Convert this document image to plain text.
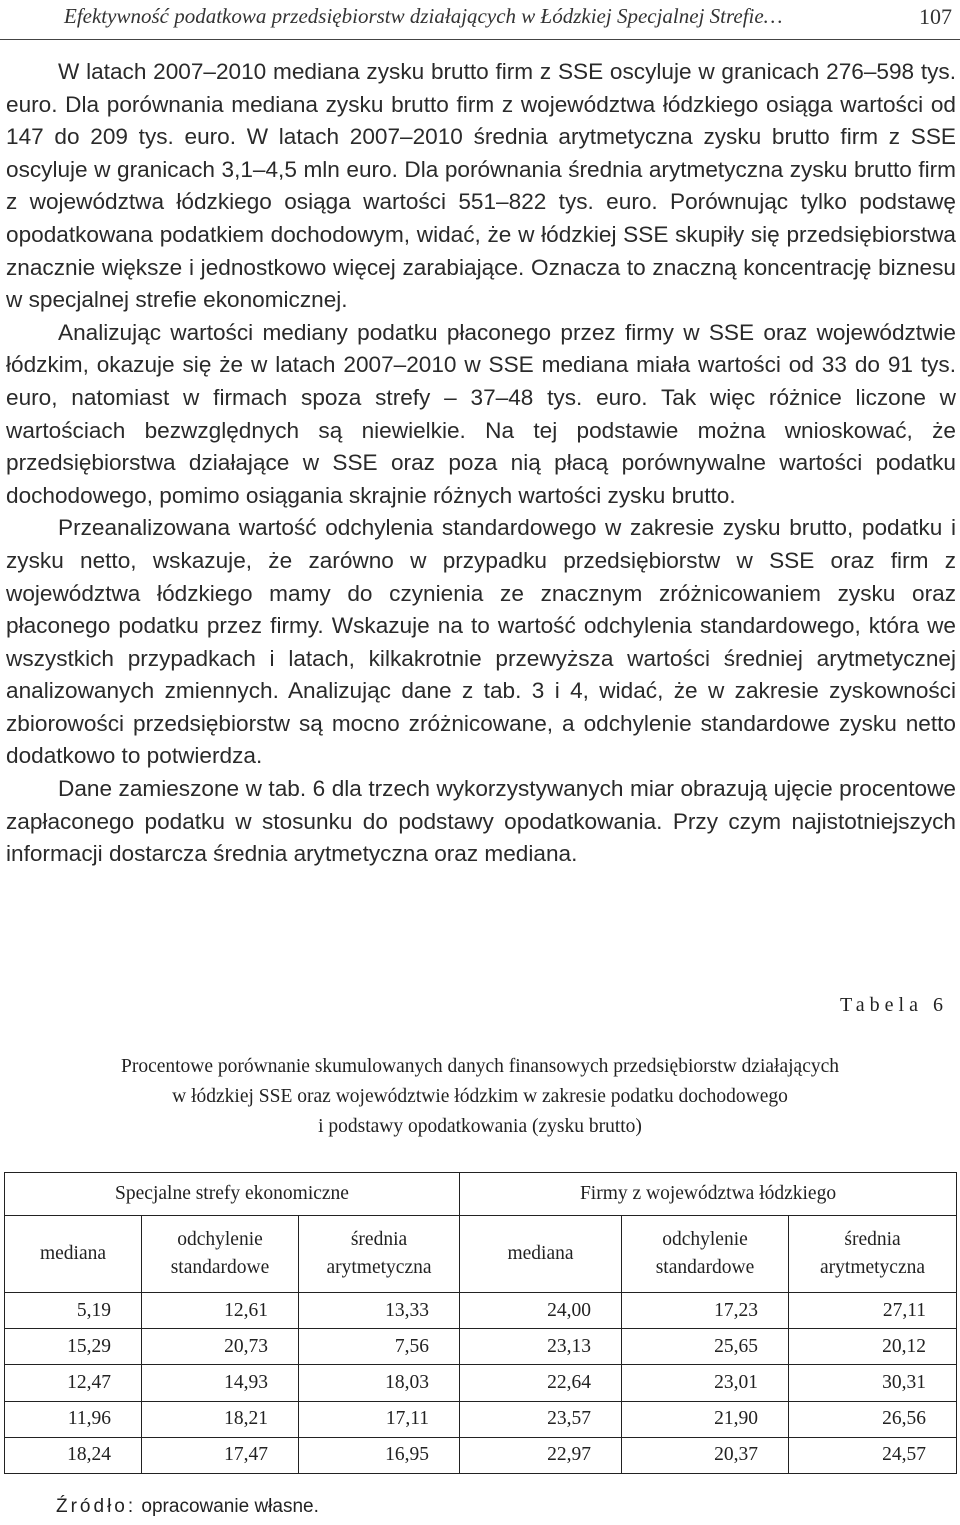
Efektywność podatkowa przedsiębiorstw działających w Łódzkiej Specjalnej Strefie…	107

W latach 2007–2010 mediana zysku brutto firm z SSE oscyluje w granicach 276–598 tys. euro. Dla porównania mediana zysku brutto firm z województwa łódzkiego osiąga wartości od 147 do 209 tys. euro. W latach 2007–2010 średnia arytmetyczna zysku brutto firm z SSE oscyluje w granicach 3,1–4,5 mln euro. Dla porównania średnia arytmetyczna zysku brutto firm z województwa łódzkiego osiąga wartości 551–822 tys. euro. Porównując tylko podstawę opodatkowana podatkiem dochodowym, widać, że w łódzkiej SSE skupiły się przedsiębiorstwa znacznie większe i jednostkowo więcej zarabiające. Oznacza to znaczną koncentrację biznesu w specjalnej strefie ekonomicznej.

Analizując wartości mediany podatku płaconego przez firmy w SSE oraz województwie łódzkim, okazuje się że w latach 2007–2010 w SSE mediana miała wartości od 33 do 91 tys. euro, natomiast w firmach spoza strefy – 37–48 tys. euro. Tak więc różnice liczone w wartościach bezwzględnych są niewielkie. Na tej podstawie można wnioskować, że przedsiębiorstwa działające w SSE oraz poza nią płacą porównywalne wartości podatku dochodowego, pomimo osiągania skrajnie różnych wartości zysku brutto.

Przeanalizowana wartość odchylenia standardowego w zakresie zysku brutto, podatku i zysku netto, wskazuje, że zarówno w przypadku przedsiębiorstw w SSE oraz firm z województwa łódzkiego mamy do czynienia ze znacznym zróżnicowaniem zysku oraz płaconego podatku przez firmy. Wskazuje na to wartość odchylenia standardowego, która we wszystkich przypadkach i latach, kilkakrotnie przewyższa wartości średniej arytmetycznej analizowanych zmiennych. Analizując dane z tab. 3 i 4, widać, że w zakresie zyskowności zbiorowości przedsiębiorstw są mocno zróżnicowane, a odchylenie standardowe zysku netto dodatkowo to potwierdza.

Dane zamieszone w tab. 6 dla trzech wykorzystywanych miar obrazują ujęcie procentowe zapłaconego podatku w stosunku do podstawy opodatkowania. Przy czym najistotniejszych informacji dostarcza średnia arytmetyczna oraz mediana.

Tabela 6
Procentowe porównanie skumulowanych danych finansowych przedsiębiorstw działających
w łódzkiej SSE oraz województwie łódzkim w zakresie podatku dochodowego
i podstawy opodatkowania (zysku brutto)
Specjalne strefy ekonomiczne			Firmy z województwa łódzkiego		
mediana	odchylenie standardowe	średnia arytmetyczna	mediana	odchylenie standardowe	średnia arytmetyczna
5,19	12,61	13,33	24,00	17,23	27,11
15,29	20,73	7,56	23,13	25,65	20,12
12,47	14,93	18,03	22,64	23,01	30,31
11,96	18,21	17,11	23,57	21,90	26,56
18,24	17,47	16,95	22,97	20,37	24,57
Źródło: opracowanie własne.
